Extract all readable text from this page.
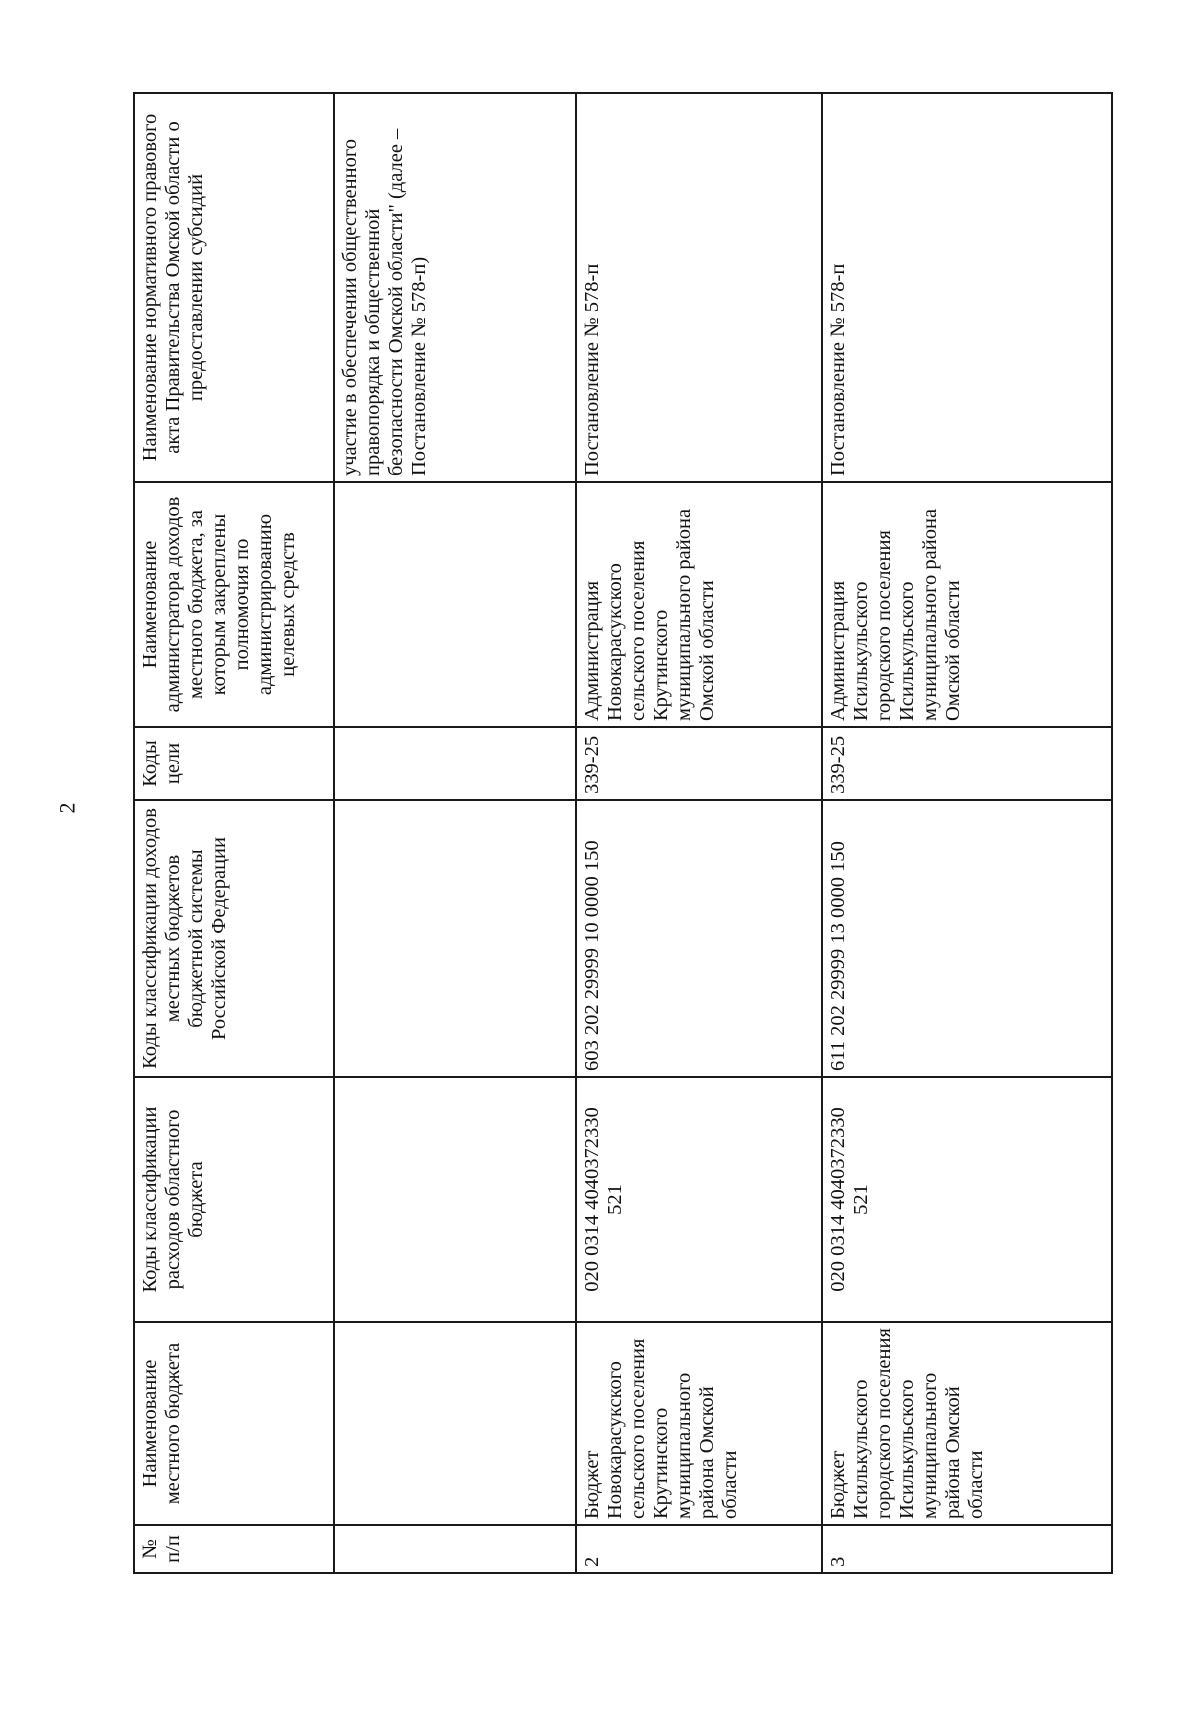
2
№ п/п	Наименование местного бюджета	Коды классификации расходов областного бюджета	Коды классификации доходов местных бюджетов бюджетной системы Российской Федерации	Коды цели	Наименование администратора доходов местного бюджета, за которым закреплены полномочия по администрированию целевых средств	Наименование нормативного правового акта Правительства Омской области о предоставлении субсидий
						участие в обеспечении общественного правопорядка и общественной безопасности Омской области" (далее – Постановление № 578-п)
2	Бюджет Новокарасукского сельского поселения Крутинского муниципального района Омской области	020 0314 4040372330 521	603 202 29999 10 0000 150	339-25	Администрация Новокарасукского сельского поселения Крутинского муниципального района Омской области	Постановление № 578-п
3	Бюджет Исилькульского городского поселения Исилькульского муниципального района Омской области	020 0314 4040372330 521	611 202 29999 13 0000 150	339-25	Администрация Исилькульского городского поселения Исилькульского муниципального района Омской области	Постановление № 578-п
